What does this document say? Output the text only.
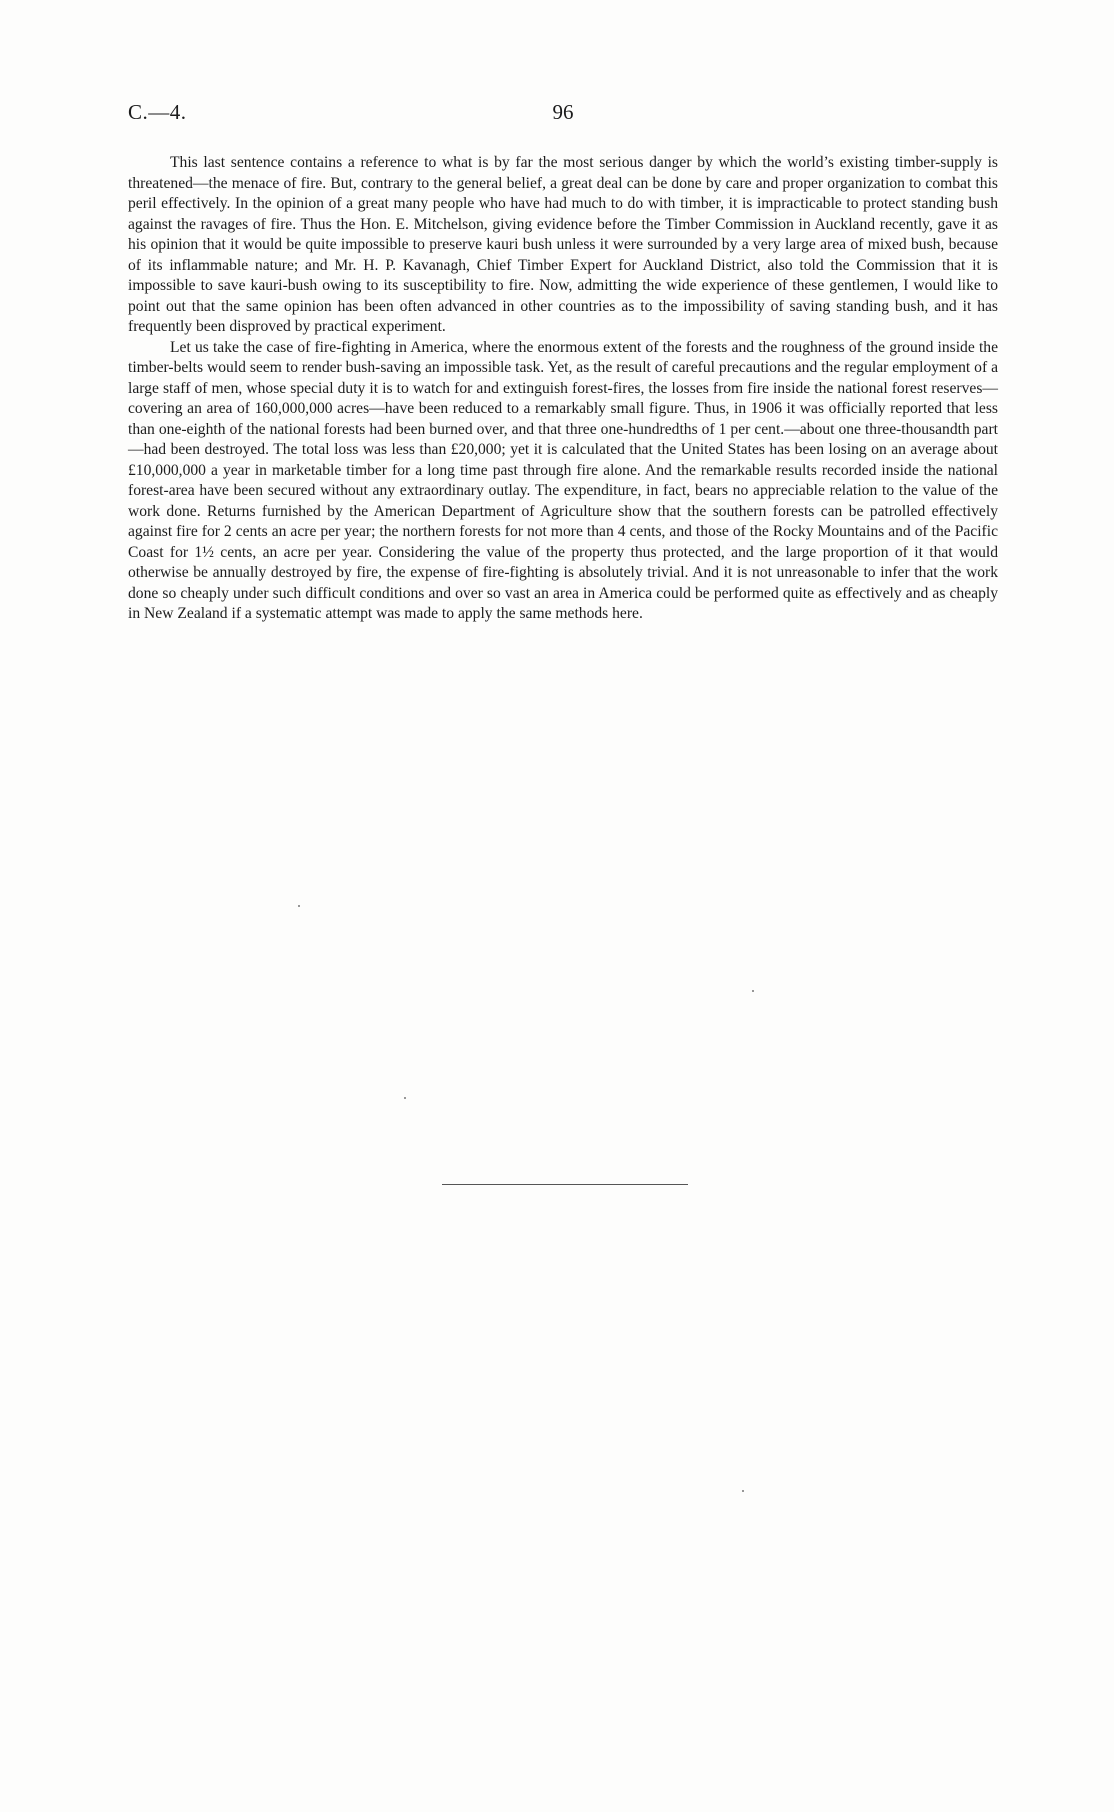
C.—4.	96

This last sentence contains a reference to what is by far the most serious danger by which the world’s existing timber-supply is threatened—the menace of fire. But, contrary to the general belief, a great deal can be done by care and proper organization to combat this peril effectively. In the opinion of a great many people who have had much to do with timber, it is impracticable to protect standing bush against the ravages of fire. Thus the Hon. E. Mitchelson, giving evidence before the Timber Commission in Auckland recently, gave it as his opinion that it would be quite impossible to preserve kauri bush unless it were surrounded by a very large area of mixed bush, because of its inflammable nature; and Mr. H. P. Kavanagh, Chief Timber Expert for Auckland District, also told the Commission that it is impossible to save kauri-bush owing to its susceptibility to fire. Now, admitting the wide experience of these gentlemen, I would like to point out that the same opinion has been often advanced in other countries as to the impossibility of saving standing bush, and it has frequently been disproved by practical experiment.

Let us take the case of fire-fighting in America, where the enormous extent of the forests and the roughness of the ground inside the timber-belts would seem to render bush-saving an impossible task. Yet, as the result of careful precautions and the regular employment of a large staff of men, whose special duty it is to watch for and extinguish forest-fires, the losses from fire inside the national forest reserves—covering an area of 160,000,000 acres—have been reduced to a remarkably small figure. Thus, in 1906 it was officially reported that less than one-eighth of the national forests had been burned over, and that three one-hundredths of 1 per cent.—about one three-thousandth part—had been destroyed. The total loss was less than £20,000; yet it is calculated that the United States has been losing on an average about £10,000,000 a year in marketable timber for a long time past through fire alone. And the remarkable results recorded inside the national forest-area have been secured without any extraordinary outlay. The expenditure, in fact, bears no appreciable relation to the value of the work done. Returns furnished by the American Department of Agriculture show that the southern forests can be patrolled effectively against fire for 2 cents an acre per year; the northern forests for not more than 4 cents, and those of the Rocky Mountains and of the Pacific Coast for 1½ cents, an acre per year. Considering the value of the property thus protected, and the large proportion of it that would otherwise be annually destroyed by fire, the expense of fire-fighting is absolutely trivial. And it is not unreasonable to infer that the work done so cheaply under such difficult conditions and over so vast an area in America could be performed quite as effectively and as cheaply in New Zealand if a systematic attempt was made to apply the same methods here.
